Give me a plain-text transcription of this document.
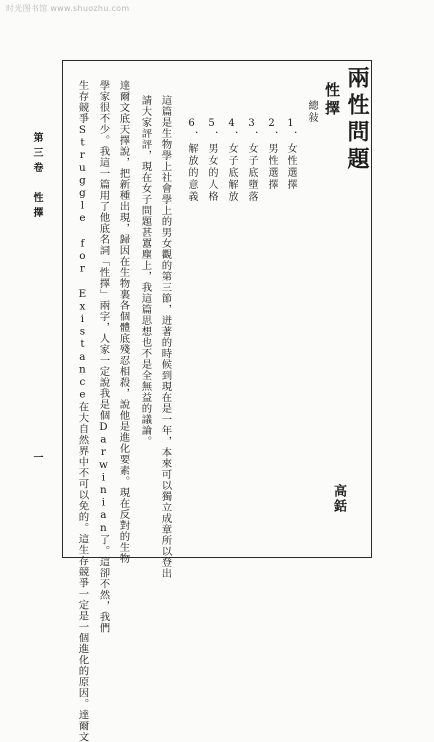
时光图书馆 www.shuozhu.com
兩性問題
性擇
總敍
1．女性選擇
2．男性選擇
3．女子底墮落
4．女子底解放
5．男女的人格
6．解放的意義
高銛
這篇是生物學上社會學上的男女觀的第三節，迸著的時候到現在是一年，本來可以獨立成章所以登出
請大家評評，現在女子問題甚囂塵上，我這篇思想也不是全無益的議論。
達爾文底天擇說，把新種出現，歸因在生物裏各個體底殘忍相殺，說他是進化要素。現在反對的生物
學家很不少。我這一篇用了他底名詞「性擇」兩字，人家一定說我是個Darwinian了。這卻不然，我們
生存競爭Struggle for Existance在大自然界中不可以免的。這生存競爭一定是一個進化的原因。達爾文
第三卷　性擇
一
